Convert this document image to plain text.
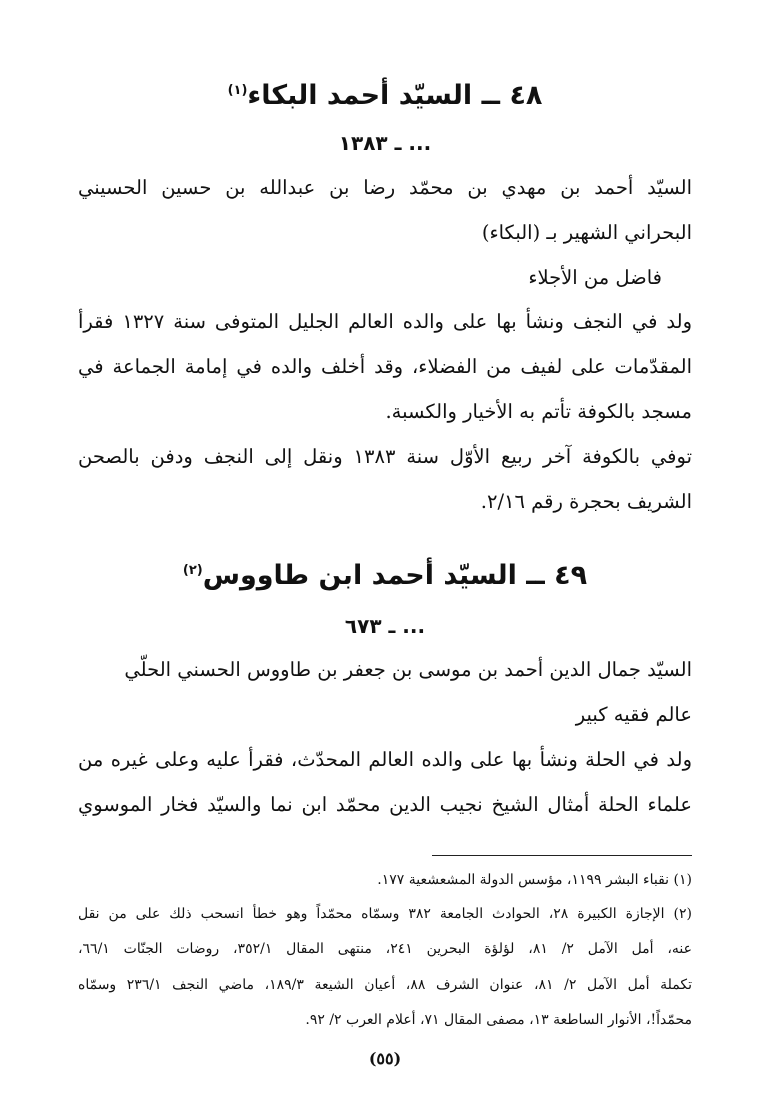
٤٨ ــ السيّد أحمد البكاء$^{(١)}$
... ـ ١٣٨٣
السيّد أحمد بن مهدي بن محمّد رضا بن عبدالله بن حسين الحسيني
البحراني الشهير بـ (البكاء)
فاضل من الأجلاء
ولد في النجف ونشأ بها على والده العالم الجليل المتوفى سنة ١٣٢٧ فقرأ
المقدّمات على لفيف من الفضلاء، وقد أخلف والده في إمامة الجماعة في
مسجد بالكوفة تأتم به الأخيار والكسبة.
توفي بالكوفة آخر ربيع الأوّل سنة ١٣٨٣ ونقل إلى النجف ودفن بالصحن
الشريف بحجرة رقم ٢/١٦.
٤٩ ــ السيّد أحمد ابن طاووس$^{(٢)}$
... ـ ٦٧٣
السيّد جمال الدين أحمد بن موسى بن جعفر بن طاووس الحسني الحلّي
عالم فقيه كبير
ولد في الحلة ونشأ بها على والده العالم المحدّث، فقرأ عليه وعلى غيره من
علماء الحلة أمثال الشيخ نجيب الدين محمّد ابن نما والسيّد فخار الموسوي
(١) نقباء البشر ١١٩٩، مؤسس الدولة المشعشعية ١٧٧.
(٢) الإجازة الكبيرة ٢٨، الحوادث الجامعة ٣٨٢ وسمّاه محمّداً وهو خطأ انسحب ذلك على من نقل
عنه، أمل الآمل ٢/ ٨١، لؤلؤة البحرين ٢٤١، منتهى المقال ٣٥٢/١، روضات الجنّات ٦٦/١،
تكملة أمل الآمل ٢/ ٨١، عنوان الشرف ٨٨، أعيان الشيعة ١٨٩/٣، ماضي النجف ٢٣٦/١ وسمّاه
محمّداً!، الأنوار الساطعة ١٣، مصفى المقال ٧١، أعلام العرب ٢/ ٩٢.
(٥٥)
